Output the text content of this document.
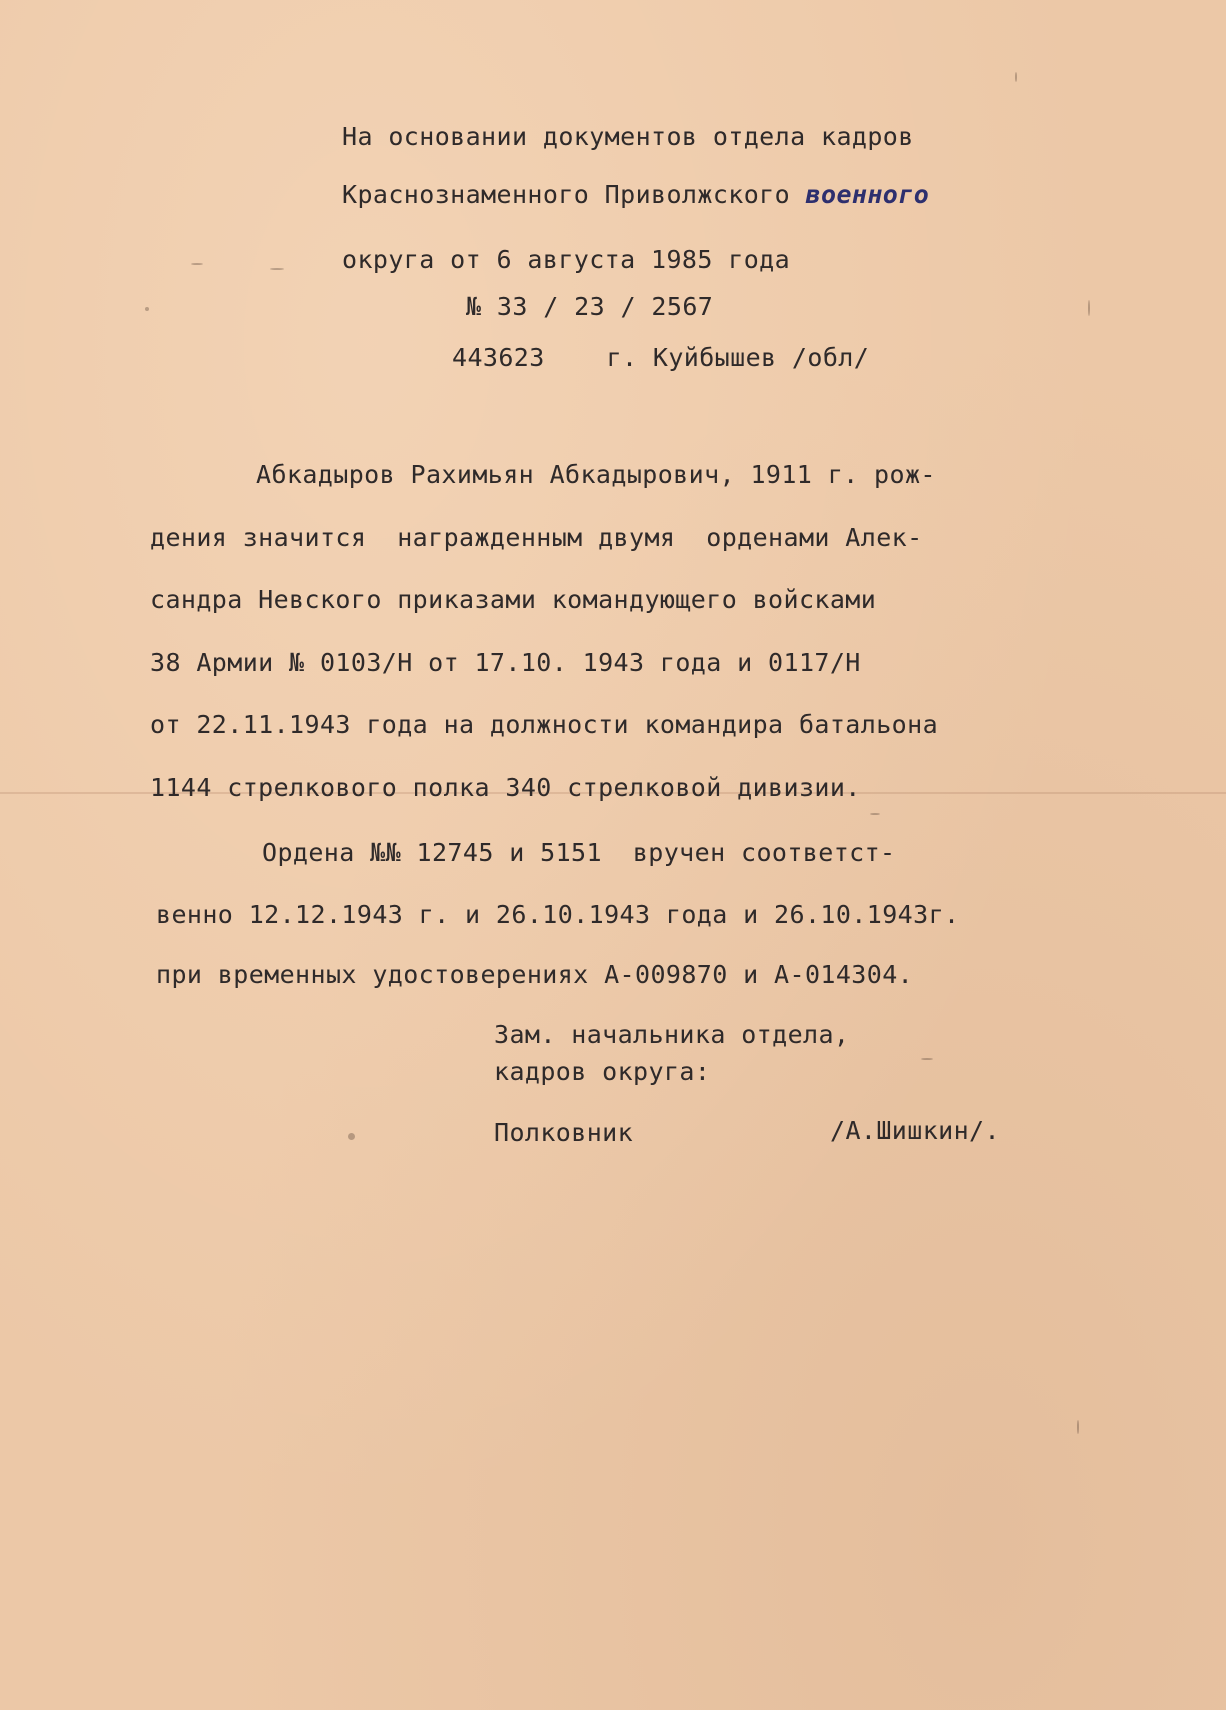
На основании документов отдела кадров
Краснознаменного Приволжского военного
округа от 6 августа 1985 года
№ 33 / 23 / 2567
443623    г. Куйбышев /обл/
Абкадыров Рахимьян Абкадырович, 1911 г. рож-
дения значится  награжденным двумя  орденами Алек-
сандра Невского приказами командующего войсками
38 Армии № 0103/Н от 17.10. 1943 года и 0117/Н
от 22.11.1943 года на должности командира батальона
1144 стрелкового полка 340 стрелковой дивизии.
Ордена №№ 12745 и 5151  вручен соответст-
венно 12.12.1943 г. и 26.10.1943 года и 26.10.1943г.
при временных удостоверениях А-009870 и А-014304.
Зам. начальника отдела,
кадров округа:
Полковник	/А.Шишкин/.
